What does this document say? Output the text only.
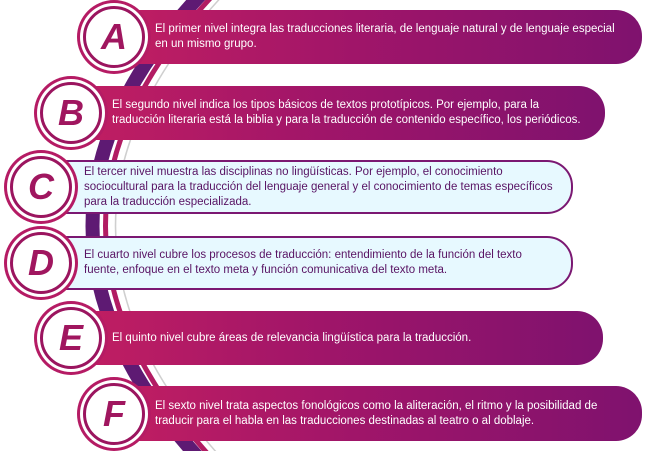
El primer nivel integra las traducciones literaria, de lenguaje natural y de lenguaje especial en un mismo grupo.
A
El segundo nivel indica los tipos básicos de textos prototípicos. Por ejemplo, para la traducción literaria está la biblia y para la traducción de contenido específico, los periódicos.
B
El tercer nivel muestra las disciplinas no lingüísticas. Por ejemplo, el conocimiento sociocultural para la traducción del lenguaje general y el conocimiento de temas específicos para la traducción especializada.
C
El cuarto nivel cubre los procesos de traducción: entendimiento de la función del texto fuente, enfoque en el texto meta y función comunicativa del texto meta.
D
El quinto nivel cubre áreas de relevancia lingüística para la traducción.
E
El sexto nivel trata aspectos fonológicos como la aliteración, el ritmo y la posibilidad de traducir para el habla en las traducciones destinadas al teatro o al doblaje.
F
